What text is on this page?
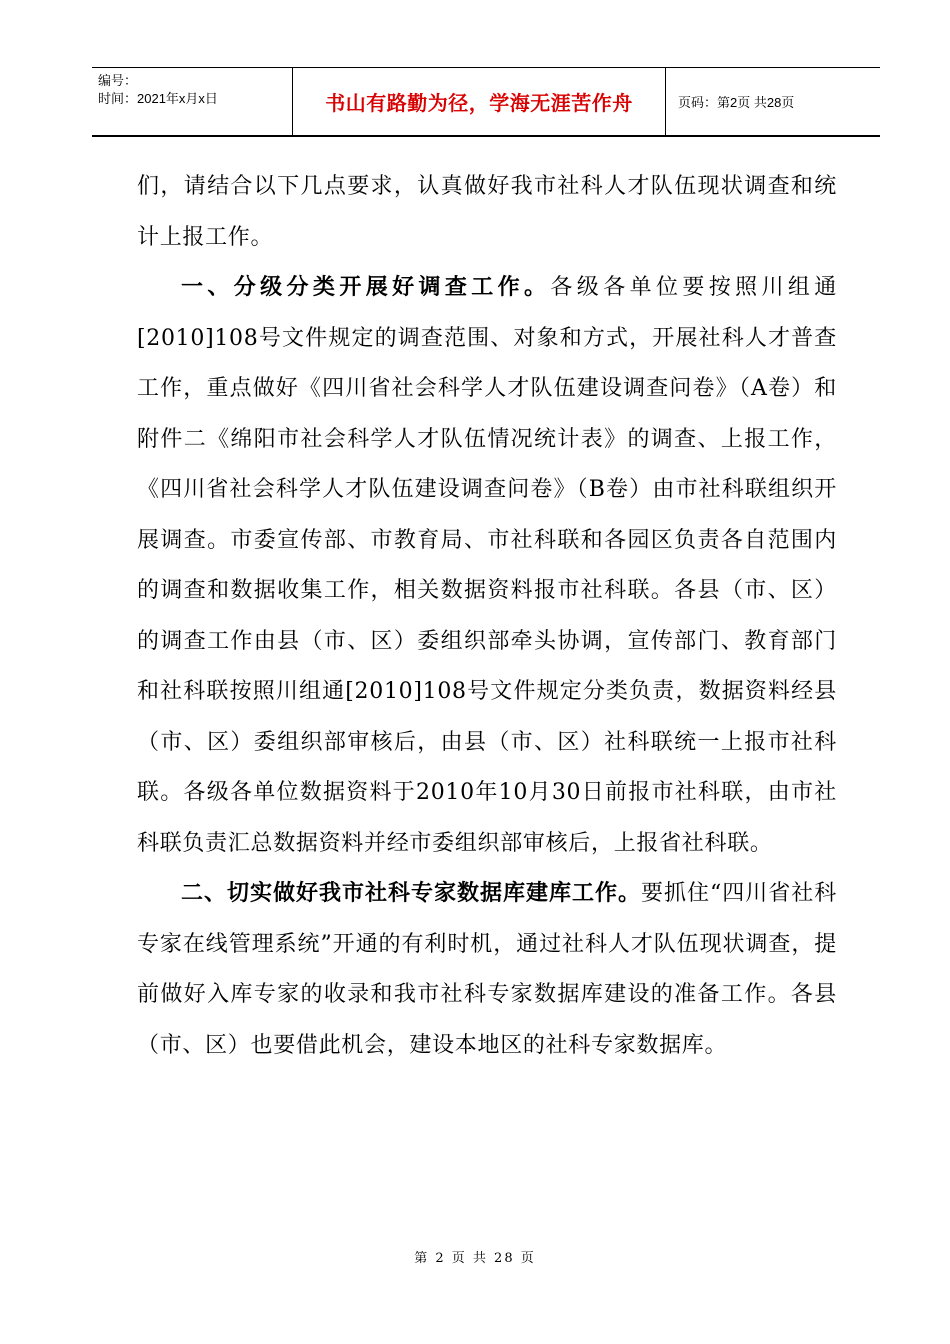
编号：
时间：2021年x月x日	书山有路勤为径，学海无涯苦作舟	页码：第2页 共28页

们，请结合以下几点要求，认真做好我市社科人才队伍现状调查和统计上报工作。

一、分级分类开展好调查工作。各级各单位要按照川组通[2010]108号文件规定的调查范围、对象和方式，开展社科人才普查工作，重点做好《四川省社会科学人才队伍建设调查问卷》（A卷）和附件二《绵阳市社会科学人才队伍情况统计表》的调查、上报工作，《四川省社会科学人才队伍建设调查问卷》（B卷）由市社科联组织开展调查。市委宣传部、市教育局、市社科联和各园区负责各自范围内的调查和数据收集工作，相关数据资料报市社科联。各县（市、区）的调查工作由县（市、区）委组织部牵头协调，宣传部门、教育部门和社科联按照川组通[2010]108号文件规定分类负责，数据资料经县（市、区）委组织部审核后，由县（市、区）社科联统一上报市社科联。各级各单位数据资料于2010年10月30日前报市社科联，由市社科联负责汇总数据资料并经市委组织部审核后，上报省社科联。

二、切实做好我市社科专家数据库建库工作。要抓住“四川省社科专家在线管理系统”开通的有利时机，通过社科人才队伍现状调查，提前做好入库专家的收录和我市社科专家数据库建设的准备工作。各县（市、区）也要借此机会，建设本地区的社科专家数据库。

第 2 页 共 28 页
